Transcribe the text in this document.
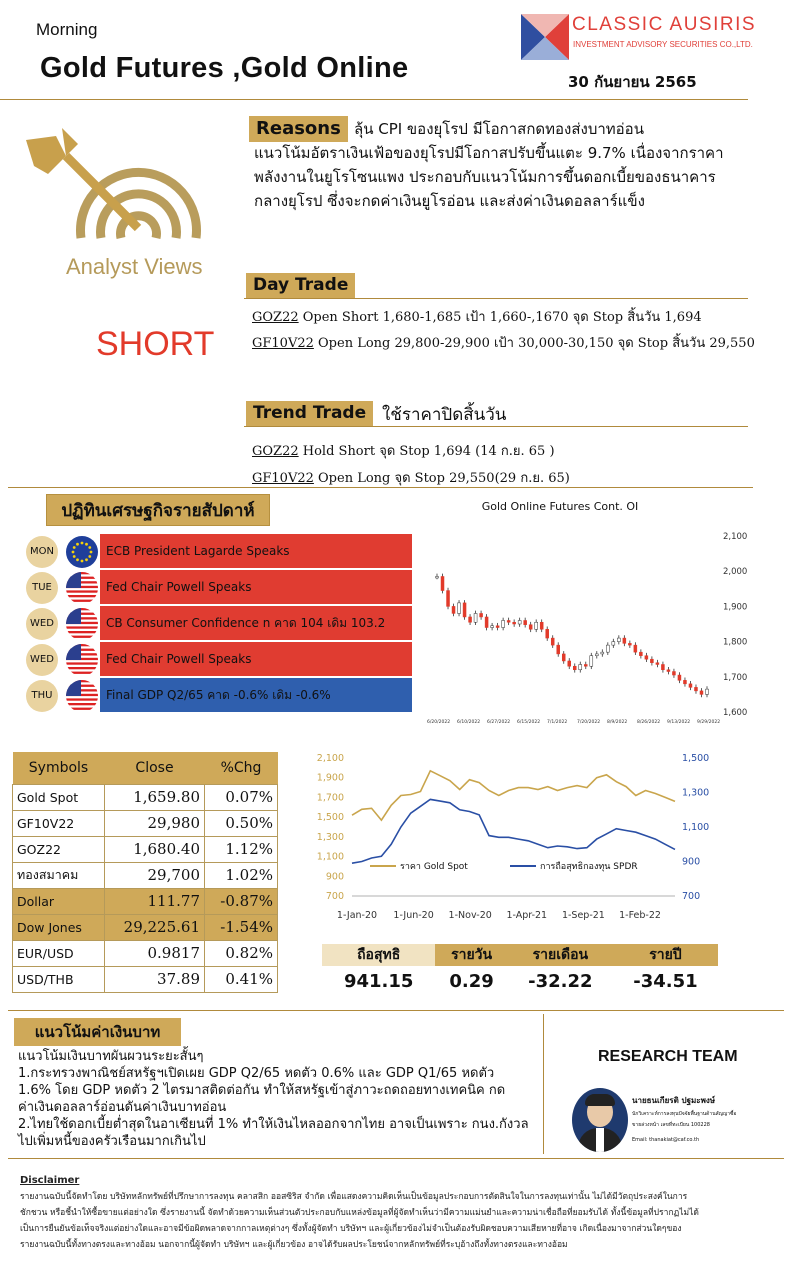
Morning
Gold Futures ,Gold Online
CLASSIC AUSIRIS
INVESTMENT ADVISORY SECURITIES CO.,LTD.
30 กันยายน 2565
Analyst Views
SHORT
Reasons ลุ้น CPI ของยุโรป มีโอกาสกดทองส่งบาทอ่อน
แนวโน้มอัตราเงินเฟ้อของยุโรปมีโอกาสปรับขึ้นแตะ 9.7% เนื่องจากราคา
พลังงานในยูโรโซนแพง ประกอบกับแนวโน้มการขึ้นดอกเบี้ยของธนาคาร
กลางยุโรป ซึ่งจะกดค่าเงินยูโรอ่อน และส่งค่าเงินดอลลาร์แข็ง
Day Trade
GOZ22 Open Short 1,680-1,685 เป้า 1,660-,1670 จุด Stop สิ้นวัน 1,694
GF10V22 Open Long 29,800-29,900 เป้า 30,000-30,150 จุด Stop สิ้นวัน 29,550
Trend Trade ใช้ราคาปิดสิ้นวัน
GOZ22 Hold Short จุด Stop 1,694 (14 ก.ย. 65 )
GF10V22 Open Long จุด Stop 29,550(29 ก.ย. 65)
ปฏิทินเศรษฐกิจรายสัปดาห์
MON	ECB President Lagarde Speaks
TUE	Fed Chair Powell Speaks
WED	CB Consumer Confidence n คาด 104 เดิม 103.2
WED	Fed Chair Powell Speaks
THU	Final GDP Q2/65 คาด -0.6% เดิม -0.6%
Gold Online Futures Cont. OI
2,100
2,000
1,900
1,800
1,700
1,600
6/20/2022 6/10/2022 6/27/2022 6/15/2022 7/1/2022 7/20/2022 8/9/2022 8/26/2022 9/13/2022 9/29/2022
Symbols	Close	%Chg
Gold Spot	1,659.80	0.07%
GF10V22	29,980	0.50%
GOZ22	1,680.40	1.12%
ทองสมาคม	29,700	1.02%
Dollar	111.77	-0.87%
Dow Jones	29,225.61	-1.54%
EUR/USD	0.9817	0.82%
USD/THB	37.89	0.41%
2,100
1,900
1,700
1,500
1,300
1,100
900
700
1,500
1,300
1,100
900
700
1-Jan-20 1-Jun-20 1-Nov-20 1-Apr-21 1-Sep-21 1-Feb-22
ราคา Gold Spot	การถือสุทธิกองทุน SPDR
ถือสุทธิ	รายวัน	รายเดือน	รายปี
941.15	0.29	-32.22	-34.51
แนวโน้มค่าเงินบาท
แนวโน้มเงินบาทผันผวนระยะสั้นๆ
1.กระทรวงพาณิชย์สหรัฐฯเปิดเผย GDP Q2/65 หดตัว 0.6% และ GDP Q1/65 หดตัว
1.6% โดย GDP หดตัว 2 ไตรมาสติดต่อกัน ทำให้สหรัฐเข้าสู่ภาวะถดถอยทางเทคนิค กด
ค่าเงินดอลลาร์อ่อนดันค่าเงินบาทอ่อน
2.ไทยใช้ดอกเบี้ยต่ำสุดในอาเซียนที่ 1% ทำให้เงินไหลออกจากไทย อาจเป็นเพราะ กนง.กังวล
ไปเพิ่มหนี้ของครัวเรือนมากเกินไป
RESEARCH TEAM
นายธนเกียรติ ปฐมะพงษ์
นักวิเคราะห์การลงทุนปัจจัยพื้นฐานด้านสัญญาซื้อ
ขายล่วงหน้า เลขที่ทะเบียน 100228
Email: thanakiat@caf.co.th
Disclaimer
รายงานฉบับนี้จัดทำโดย บริษัทหลักทรัพย์ที่ปรึกษาการลงทุน คลาสสิก ออสซิริส จำกัด เพื่อแสดงความคิดเห็นเป็นข้อมูลประกอบการตัดสินใจในการลงทุนเท่านั้น ไม่ได้มีวัตถุประสงค์ในการ
ชักชวน หรือชี้นำให้ซื้อขายแต่อย่างใด ซึ่งรายงานนี้ จัดทำด้วยความเห็นส่วนตัวประกอบกับแหล่งข้อมูลที่ผู้จัดทำเห็นว่ามีความแม่นยำและความน่าเชื่อถือที่ยอมรับได้ ทั้งนี้ข้อมูลที่ปรากฏไม่ได้
เป็นการยืนยันข้อเท็จจริงแต่อย่างใดและอาจมีข้อผิดพลาดจากกาลเหตุต่างๆ ซึ่งทั้งผู้จัดทำ บริษัทฯ และผู้เกี่ยวข้องไม่จำเป็นต้องรับผิดชอบความเสียหายที่อาจ เกิดเนื่องมาจากส่วนใดๆของ
รายงานฉบับนี้ทั้งทางตรงและทางอ้อม นอกจากนี้ผู้จัดทำ บริษัทฯ และผู้เกี่ยวข้อง อาจได้รับผลประโยชน์จากหลักทรัพย์ที่ระบุอ้างถึงทั้งทางตรงและทางอ้อม
